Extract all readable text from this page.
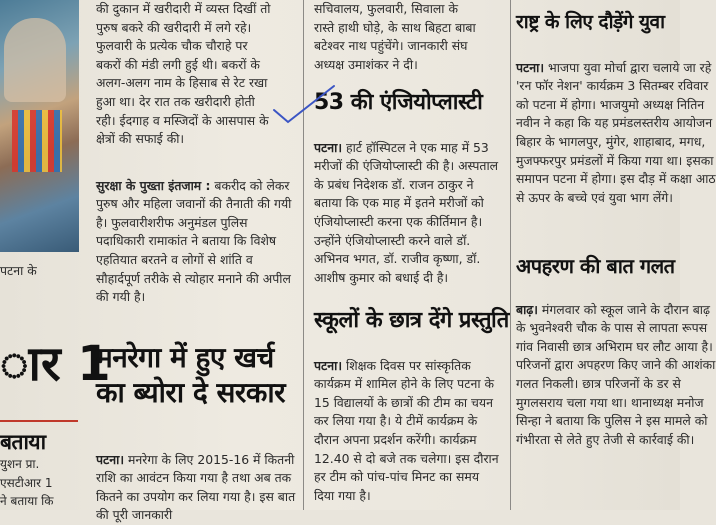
पटना के

की दुकान में खरीदारी में व्यस्त दिखीं तो
पुरुष बकरे की खरीदारी में लगे रहे।
फुलवारी के प्रत्येक चौक चौराहे पर
बकरों की मंडी लगी हुई थी। बकरों के
अलग-अलग नाम के हिसाब से रेट रखा
हुआ था। देर रात तक खरीदारी होती
रही। ईदगाह व मस्जिदों के आसपास के
क्षेत्रों की सफाई की।

सुरक्षा के पुख्ता इंतजाम : बकरीद को लेकर पुरुष और महिला जवानों की तैनाती की गयी है। फुलवारीशरीफ अनुमंडल पुलिस पदाधिकारी रामाकांत ने बताया कि विशेष एहतियात बरतने व लोगों से शांति व सौहार्दपूर्ण तरीके से त्योहार मनाने की अपील की गयी है।

ार 1
बताया

युशन प्रा.
एसटीआर 1
ने बताया कि

मनरेगा में हुए खर्च का ब्योरा दे सरकार

पटना। मनरेगा के लिए 2015-16 में कितनी राशि का आवंटन किया गया है तथा अब तक कितने का उपयोग कर लिया गया है। इस बात की पूरी जानकारी

सचिवालय, फुलवारी, सिवाला के
रास्ते हाथी घोड़े, के साथ बिहटा बाबा
बटेश्वर नाथ पहुंचेंगे। जानकारी संघ
अध्यक्ष उमाशंकर ने दी।

53 की एंजियोप्लास्टी

पटना। हार्ट हॉस्पिटल ने एक माह में 53 मरीजों की एंजियोप्लास्टी की है। अस्पताल के प्रबंध निदेशक डॉ. राजन ठाकुर ने बताया कि एक माह में इतने मरीजों को एंजियोप्लास्टी करना एक कीर्तिमान है। उन्होंने एंजियोप्लास्टी करने वाले डॉ. अभिनव भगत, डॉ. राजीव कृष्णा, डॉ. आशीष कुमार को बधाई दी है।

स्कूलों के छात्र देंगे प्रस्तुति

पटना। शिक्षक दिवस पर सांस्कृतिक कार्यक्रम में शामिल होने के लिए पटना के 15 विद्यालयों के छात्रों की टीम का चयन कर लिया गया है। ये टीमें कार्यक्रम के दौरान अपना प्रदर्शन करेंगी। कार्यक्रम 12.40 से दो बजे तक चलेगा। इस दौरान हर टीम को पांच-पांच मिनट का समय दिया गया है।

राष्ट्र के लिए दौड़ेंगे युवा

पटना। भाजपा युवा मोर्चा द्वारा चलाये जा रहे 'रन फॉर नेशन' कार्यक्रम 3 सितम्बर रविवार को पटना में होगा। भाजयुमो अध्यक्ष नितिन नवीन ने कहा कि यह प्रमंडलस्तरीय आयोजन बिहार के भागलपुर, मुंगेर, शाहाबाद, मगध, मुजफ्फरपुर प्रमंडलों में किया गया था। इसका समापन पटना में होगा। इस दौड़ में कक्षा आठ से ऊपर के बच्चे एवं युवा भाग लेंगे।

अपहरण की बात गलत

बाढ़। मंगलवार को स्कूल जाने के दौरान बाढ़ के भुवनेश्वरी चौक के पास से लापता रूपस गांव निवासी छात्र अभिराम घर लौट आया है। परिजनों द्वारा अपहरण किए जाने की आशंका गलत निकली। छात्र परिजनों के डर से मुगलसराय चला गया था। थानाध्यक्ष मनोज सिन्हा ने बताया कि पुलिस ने इस मामले को गंभीरता से लेते हुए तेजी से कार्रवाई की।
